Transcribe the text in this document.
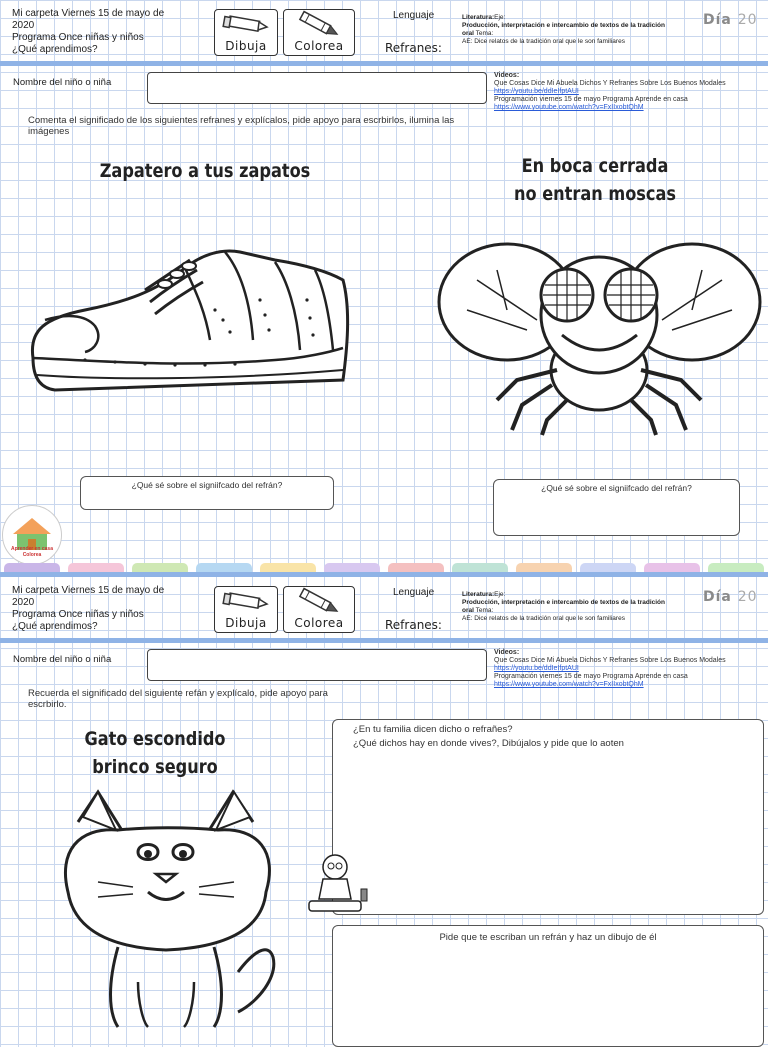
Mi carpeta Viernes 15 de mayo de
2020
Programa Once niñas y niños
¿Qué aprendimos?	Dibuja	Colorea
Lenguaje
Refranes:
Literatura:Eje:
Producción, interpretación e intercambio de textos de la tradición oral Tema:
AE: Dice relatos de la tradición oral que le son familiares
Día 20
Nombre del niño o niña
Videos:
Que Cosas Dice Mi Abuela Dichos Y Refranes Sobre Los Buenos Modales
https://youtu.be/ddIeIfptAUI
Programación viernes 15 de mayo Programa Aprende en casa
https://www.youtube.com/watch?v=FxIIxobtQhM
Comenta el significado de los siguientes refranes y explícalos, pide apoyo para escrbirlos, ilumina las imágenes
Zapatero a tus zapatos	En boca cerrada
no entran moscas
¿Qué sé sobre el signiifcado del refrán?	¿Qué sé sobre el signiifcado del refrán?
Aprender en casa Colorea
Mi carpeta Viernes 15 de mayo de
2020
Programa Once niñas y niños
¿Qué aprendimos?	Dibuja	Colorea
Lenguaje
Refranes:
Literatura:Eje:
Producción, interpretación e intercambio de textos de la tradición oral Tema:
AE: Dice relatos de la tradición oral que le son familiares
Día 20
Nombre del niño o niña
Videos:
Que Cosas Dice Mi Abuela Dichos Y Refranes Sobre Los Buenos Modales
https://youtu.be/ddIeIfptAUI
Programación viernes 15 de mayo Programa Aprende en casa
https://www.youtube.com/watch?v=FxIIxobtQhM
Recuerda el significado del siguiente refán y explícalo, pide apoyo para escrbirlo.
Gato escondido
brinco seguro
¿En tu familia dicen dicho o refrañes?
¿Qué dichos hay en donde vives?, Dibújalos y pide que lo aoten
Pide que te escriban un refrán y haz un dibujo de él
